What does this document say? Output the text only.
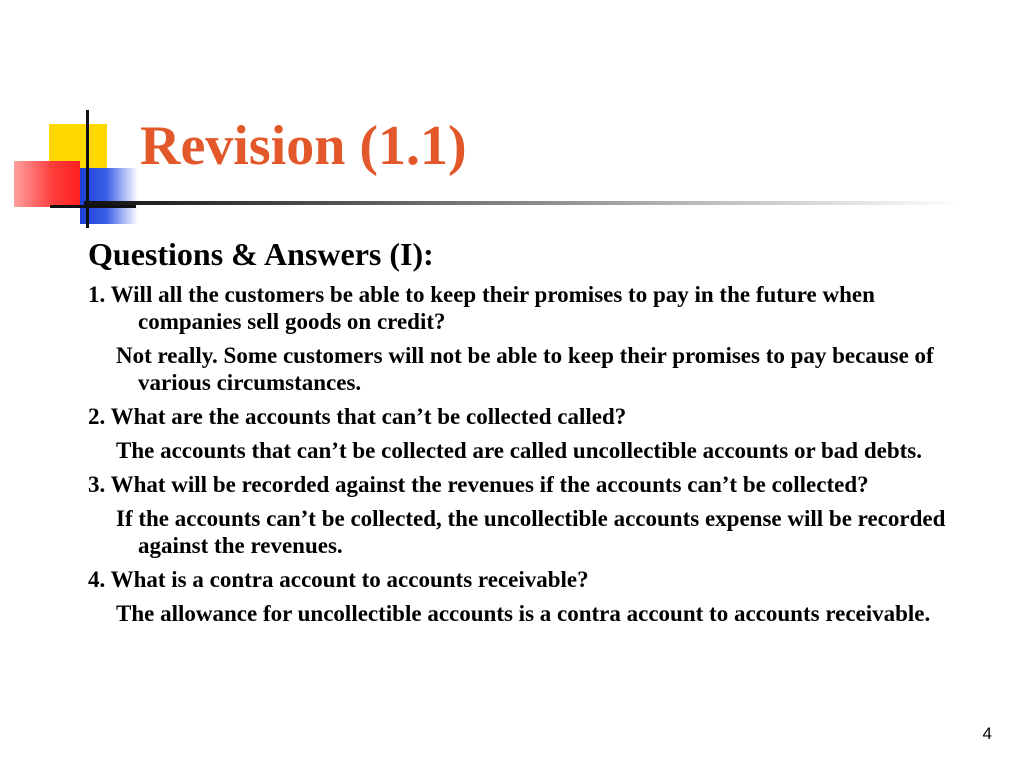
Revision (1.1)

Questions & Answers (I):

1. Will all the customers be able to keep their promises to pay in the future when companies sell goods on credit?

Not really. Some customers will not be able to keep their promises to pay because of various circumstances.

2. What are the accounts that can’t be collected called?

The accounts that can’t be collected are called uncollectible accounts or bad debts.

3. What will be recorded against the revenues if the accounts can’t be collected?

If the accounts can’t be collected, the uncollectible accounts expense will be recorded against the revenues.

4. What is a contra account to accounts receivable?

The allowance for uncollectible accounts is a contra account to accounts receivable.

4
